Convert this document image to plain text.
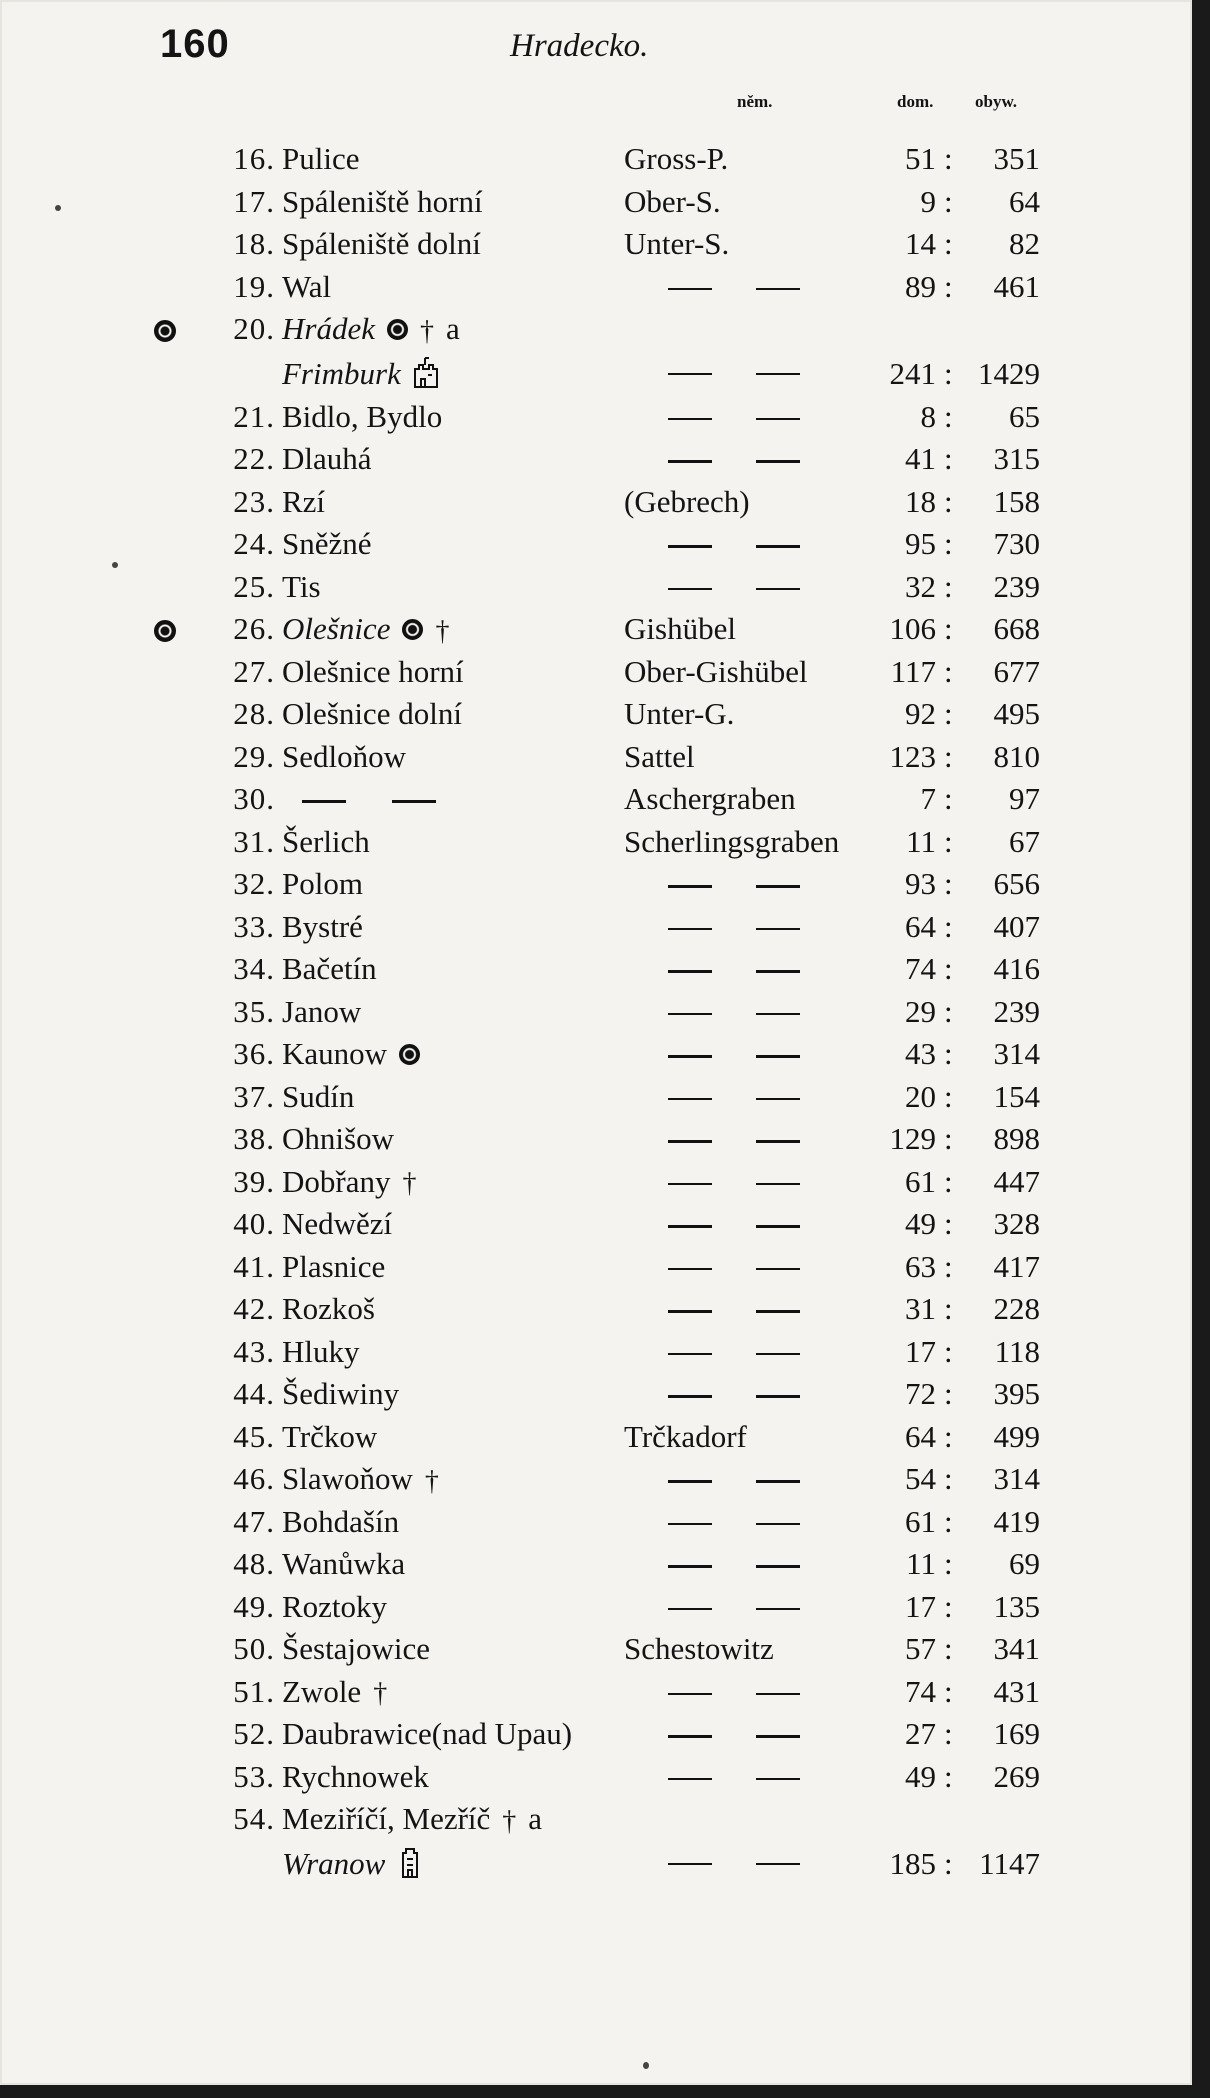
160	Hradecko.
něm.	dom. obyw.
16. Pulice	Gross-P.	51 :	351
17. Spáleniště horní	Ober-S.	9 :	64
18. Spáleniště dolní	Unter-S.	14 :	82
19. Wal	89 :	461
20. Hrádek † a
Frimburk	241 : 1429
21. Bidlo, Bydlo	8 :	65
22. Dlauhá	41 :	315
23. Rzí	(Gebrech)	18 :	158
24. Sněžné	95 :	730
25. Tis	32 :	239
26. Olešnice †	Gishübel	106 :	668
27. Olešnice horní	Ober-Gishübel	117 :	677
28. Olešnice dolní	Unter-G.	92 :	495
29. Sedloňow	Sattel	123 :	810
30.	Aschergraben	7 :	97
31. Šerlich	Scherlingsgraben	11 :	67
32. Polom	93 :	656
33. Bystré	64 :	407
34. Bačetín	74 :	416
35. Janow	29 :	239
36. Kaunow	43 :	314
37. Sudín	20 :	154
38. Ohnišow	129 :	898
39. Dobřany †	61 :	447
40. Nedwězí	49 :	328
41. Plasnice	63 :	417
42. Rozkoš	31 :	228
43. Hluky	17 :	118
44. Šediwiny	72 :	395
45. Trčkow	Trčkadorf	64 :	499
46. Slawoňow †	54 :	314
47. Bohdašín	61 :	419
48. Wanůwka	11 :	69
49. Roztoky	17 :	135
50. Šestajowice	Schestowitz	57 :	341
51. Zwole †	74 :	431
52. Daubrawice(nad Upau)	27 :	169
53. Rychnowek	49 :	269
54. Meziříčí, Mezříč † a
Wranow	185 : 1147
